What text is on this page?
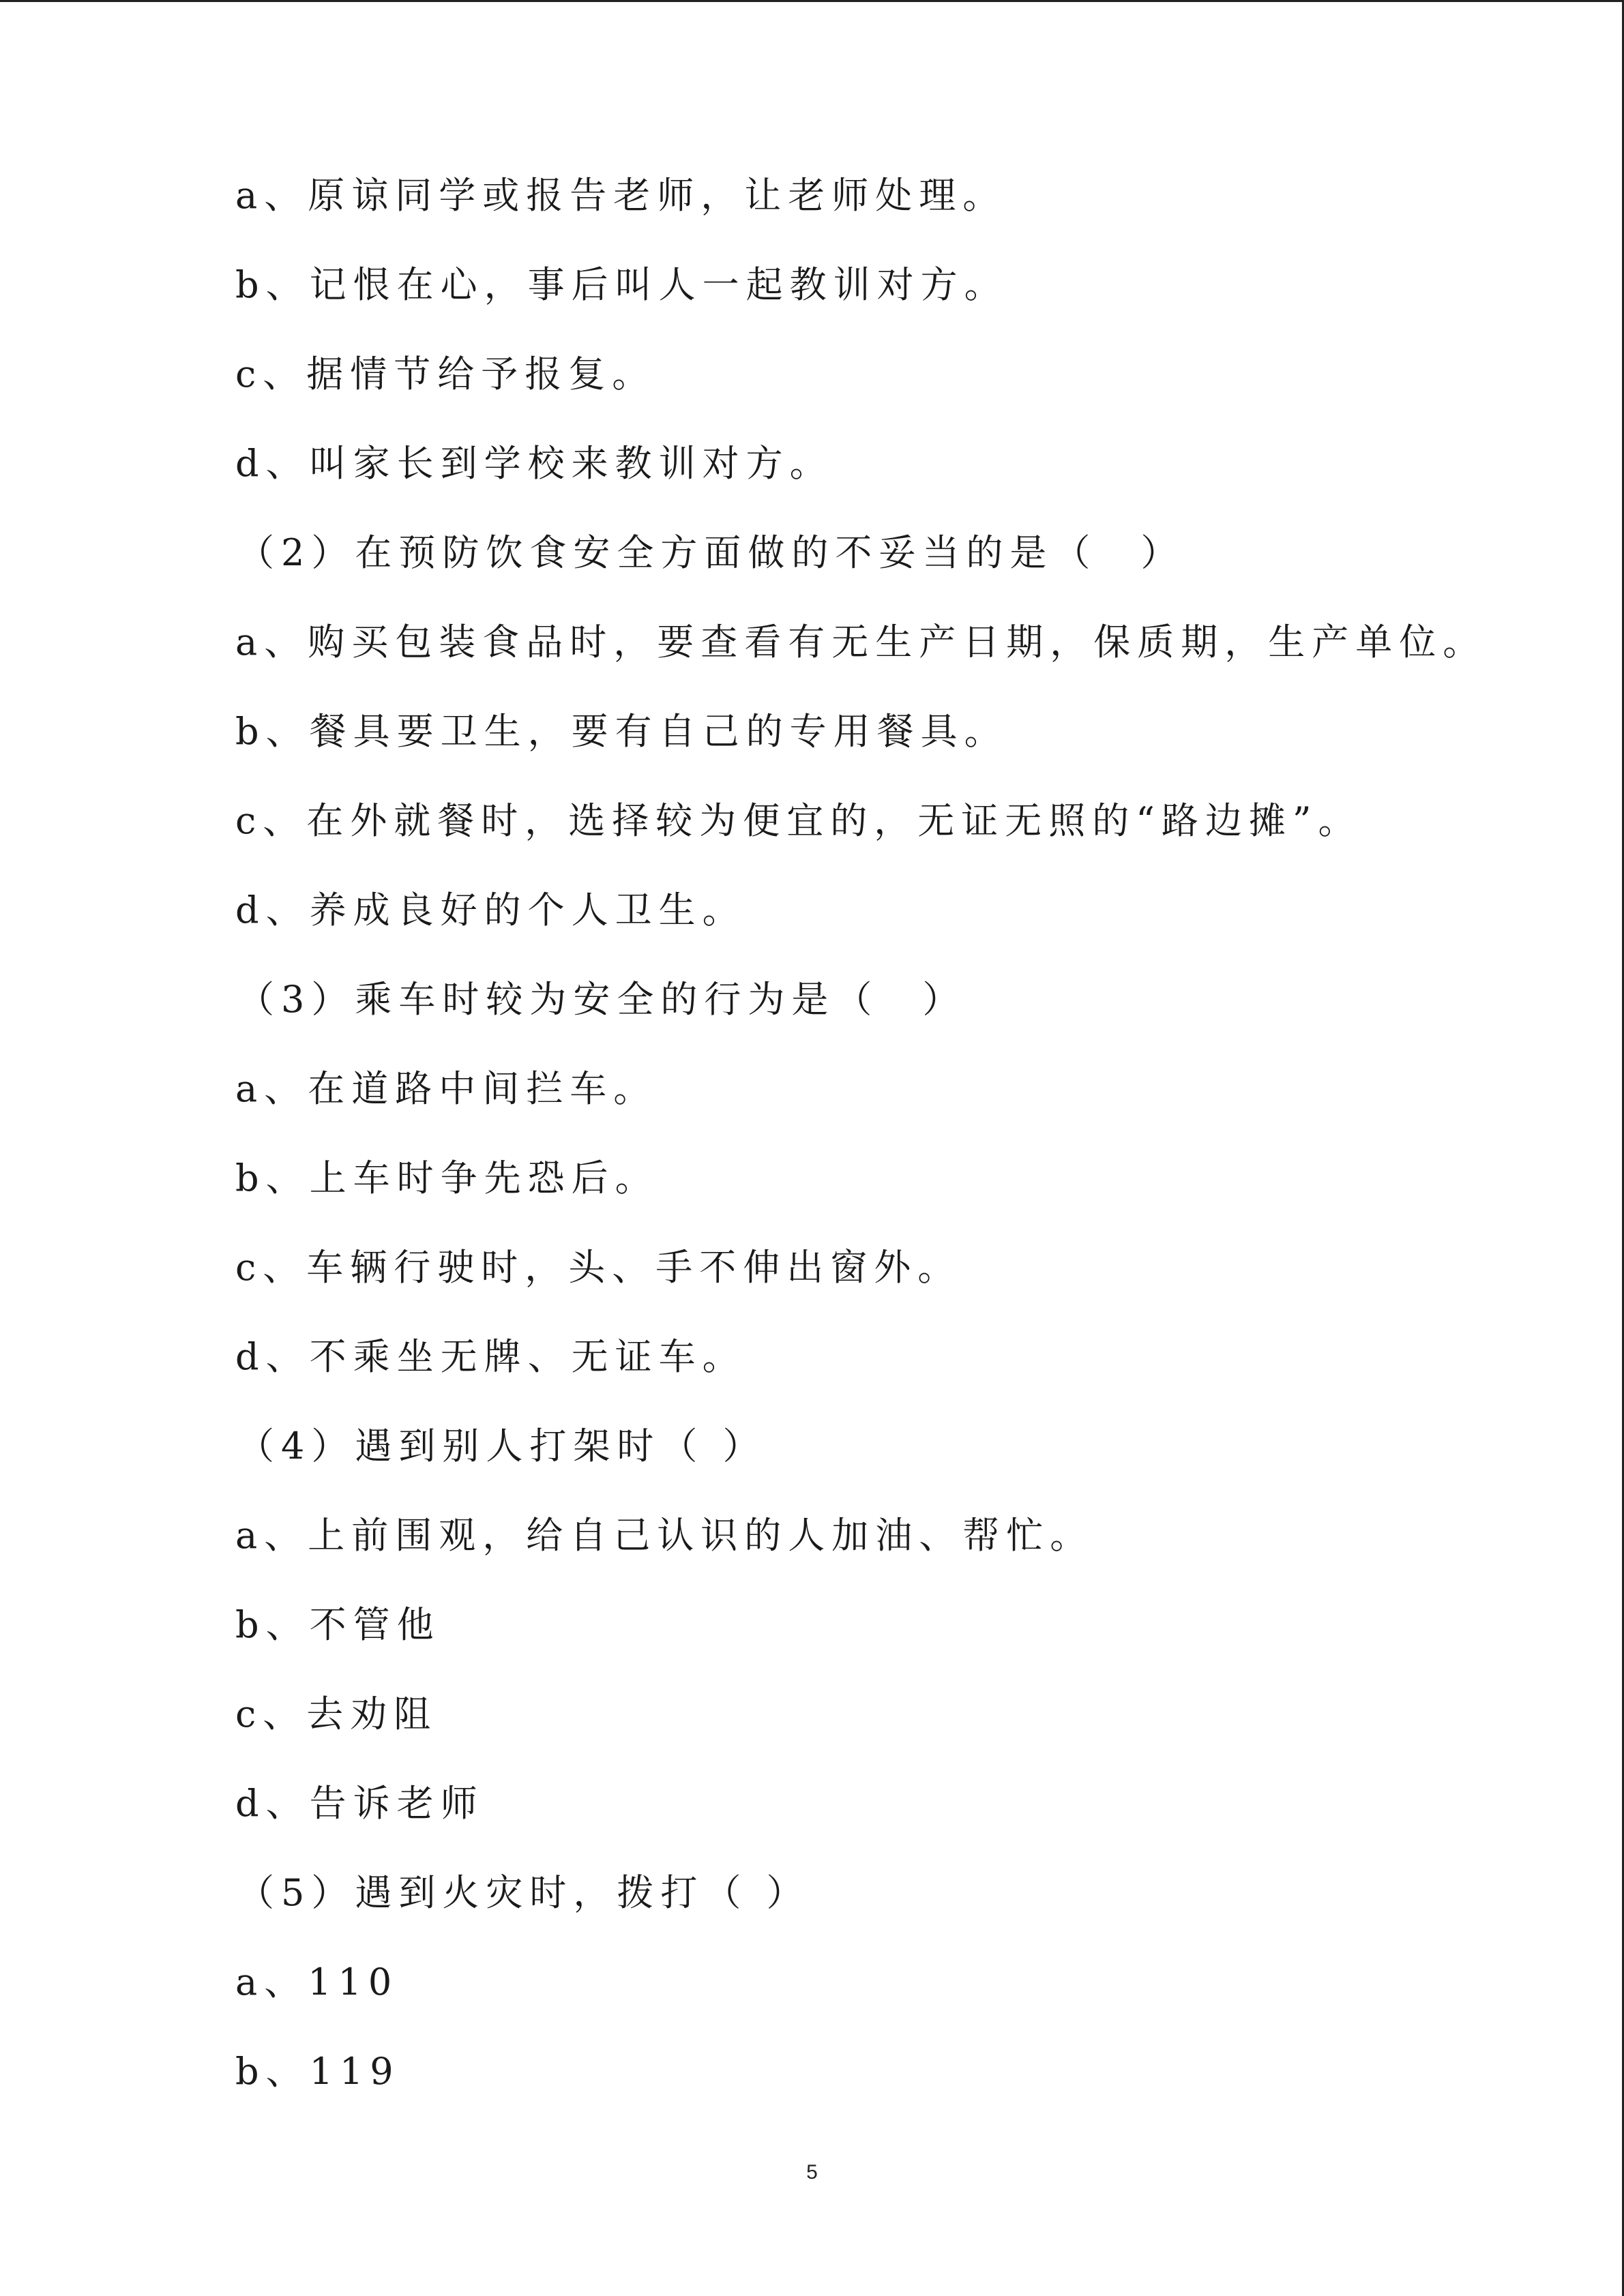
a、原谅同学或报告老师，让老师处理。
b、记恨在心，事后叫人一起教训对方。
c、据情节给予报复。
d、叫家长到学校来教训对方。
（2）在预防饮食安全方面做的不妥当的是（　）
a、购买包装食品时，要查看有无生产日期，保质期，生产单位。
b、餐具要卫生，要有自己的专用餐具。
c、在外就餐时，选择较为便宜的，无证无照的“路边摊”。
d、养成良好的个人卫生。
（3）乘车时较为安全的行为是（　）
a、在道路中间拦车。
b、上车时争先恐后。
c、车辆行驶时，头、手不伸出窗外。
d、不乘坐无牌、无证车。
（4）遇到别人打架时（ ）
a、上前围观，给自己认识的人加油、帮忙。
b、不管他
c、去劝阻
d、告诉老师
（5）遇到火灾时，拨打（ ）
a、110
b、119
5
